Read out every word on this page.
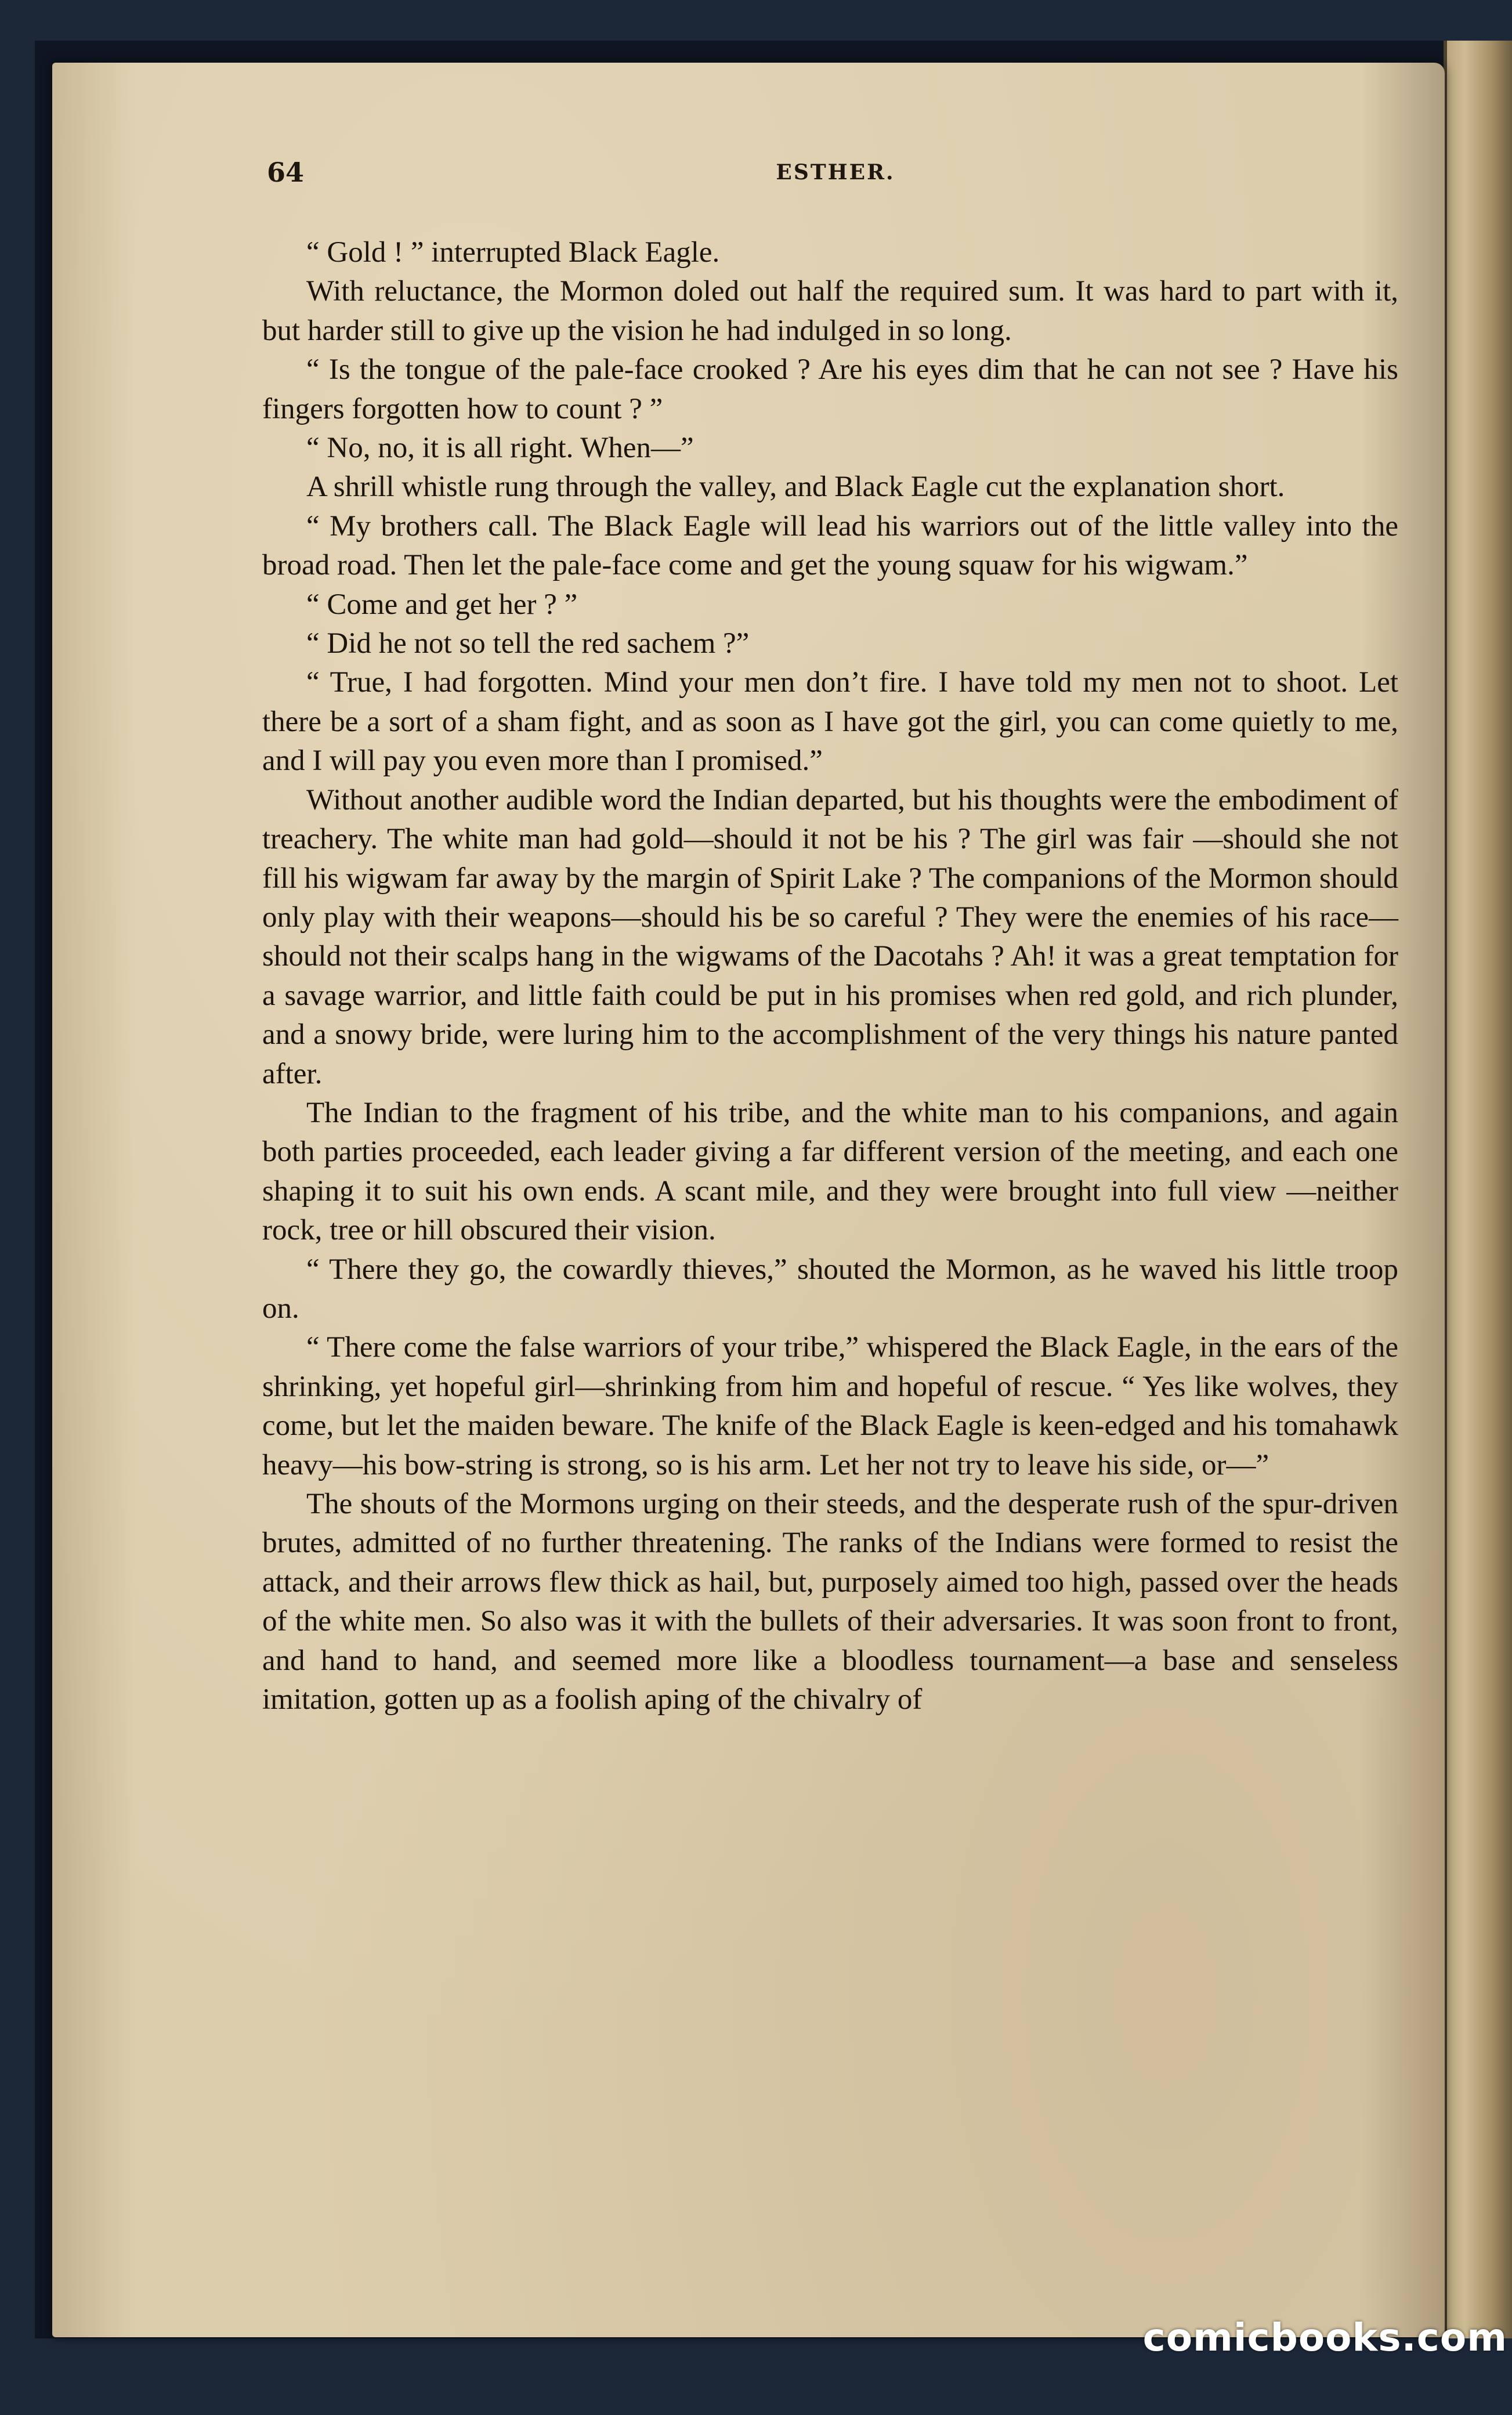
64	ESTHER.

“ Gold ! ” interrupted Black Eagle.

With reluctance, the Mormon doled out half the required sum. It was hard to part with it, but harder still to give up the vision he had indulged in so long.

“ Is the tongue of the pale-face crooked ? Are his eyes dim that he can not see ? Have his fingers forgotten how to count ? ”

“ No, no, it is all right. When—”

A shrill whistle rung through the valley, and Black Eagle cut the explanation short.

“ My brothers call. The Black Eagle will lead his warriors out of the little valley into the broad road. Then let the pale-face come and get the young squaw for his wigwam.”

“ Come and get her ? ”

“ Did he not so tell the red sachem ?”

“ True, I had forgotten. Mind your men don’t fire. I have told my men not to shoot. Let there be a sort of a sham fight, and as soon as I have got the girl, you can come quietly to me, and I will pay you even more than I promised.”

Without another audible word the Indian departed, but his thoughts were the embodiment of treachery. The white man had gold—should it not be his ? The girl was fair —should she not fill his wigwam far away by the margin of Spirit Lake ? The companions of the Mormon should only play with their weapons—should his be so careful ? They were the enemies of his race—should not their scalps hang in the wigwams of the Dacotahs ? Ah! it was a great temptation for a savage warrior, and little faith could be put in his promises when red gold, and rich plunder, and a snowy bride, were luring him to the accomplishment of the very things his nature panted after.

The Indian to the fragment of his tribe, and the white man to his companions, and again both parties proceeded, each leader giving a far different version of the meeting, and each one shaping it to suit his own ends. A scant mile, and they were brought into full view —neither rock, tree or hill obscured their vision.

“ There they go, the cowardly thieves,” shouted the Mormon, as he waved his little troop on.

“ There come the false warriors of your tribe,” whispered the Black Eagle, in the ears of the shrinking, yet hopeful girl—shrinking from him and hopeful of rescue. “ Yes like wolves, they come, but let the maiden beware. The knife of the Black Eagle is keen-edged and his tomahawk heavy—his bow-string is strong, so is his arm. Let her not try to leave his side, or—”

The shouts of the Mormons urging on their steeds, and the desperate rush of the spur-driven brutes, admitted of no further threatening. The ranks of the Indians were formed to resist the attack, and their arrows flew thick as hail, but, purposely aimed too high, passed over the heads of the white men. So also was it with the bullets of their adversaries. It was soon front to front, and hand to hand, and seemed more like a bloodless tournament—a base and senseless imitation, gotten up as a foolish aping of the chivalry of

comicbooks.com
